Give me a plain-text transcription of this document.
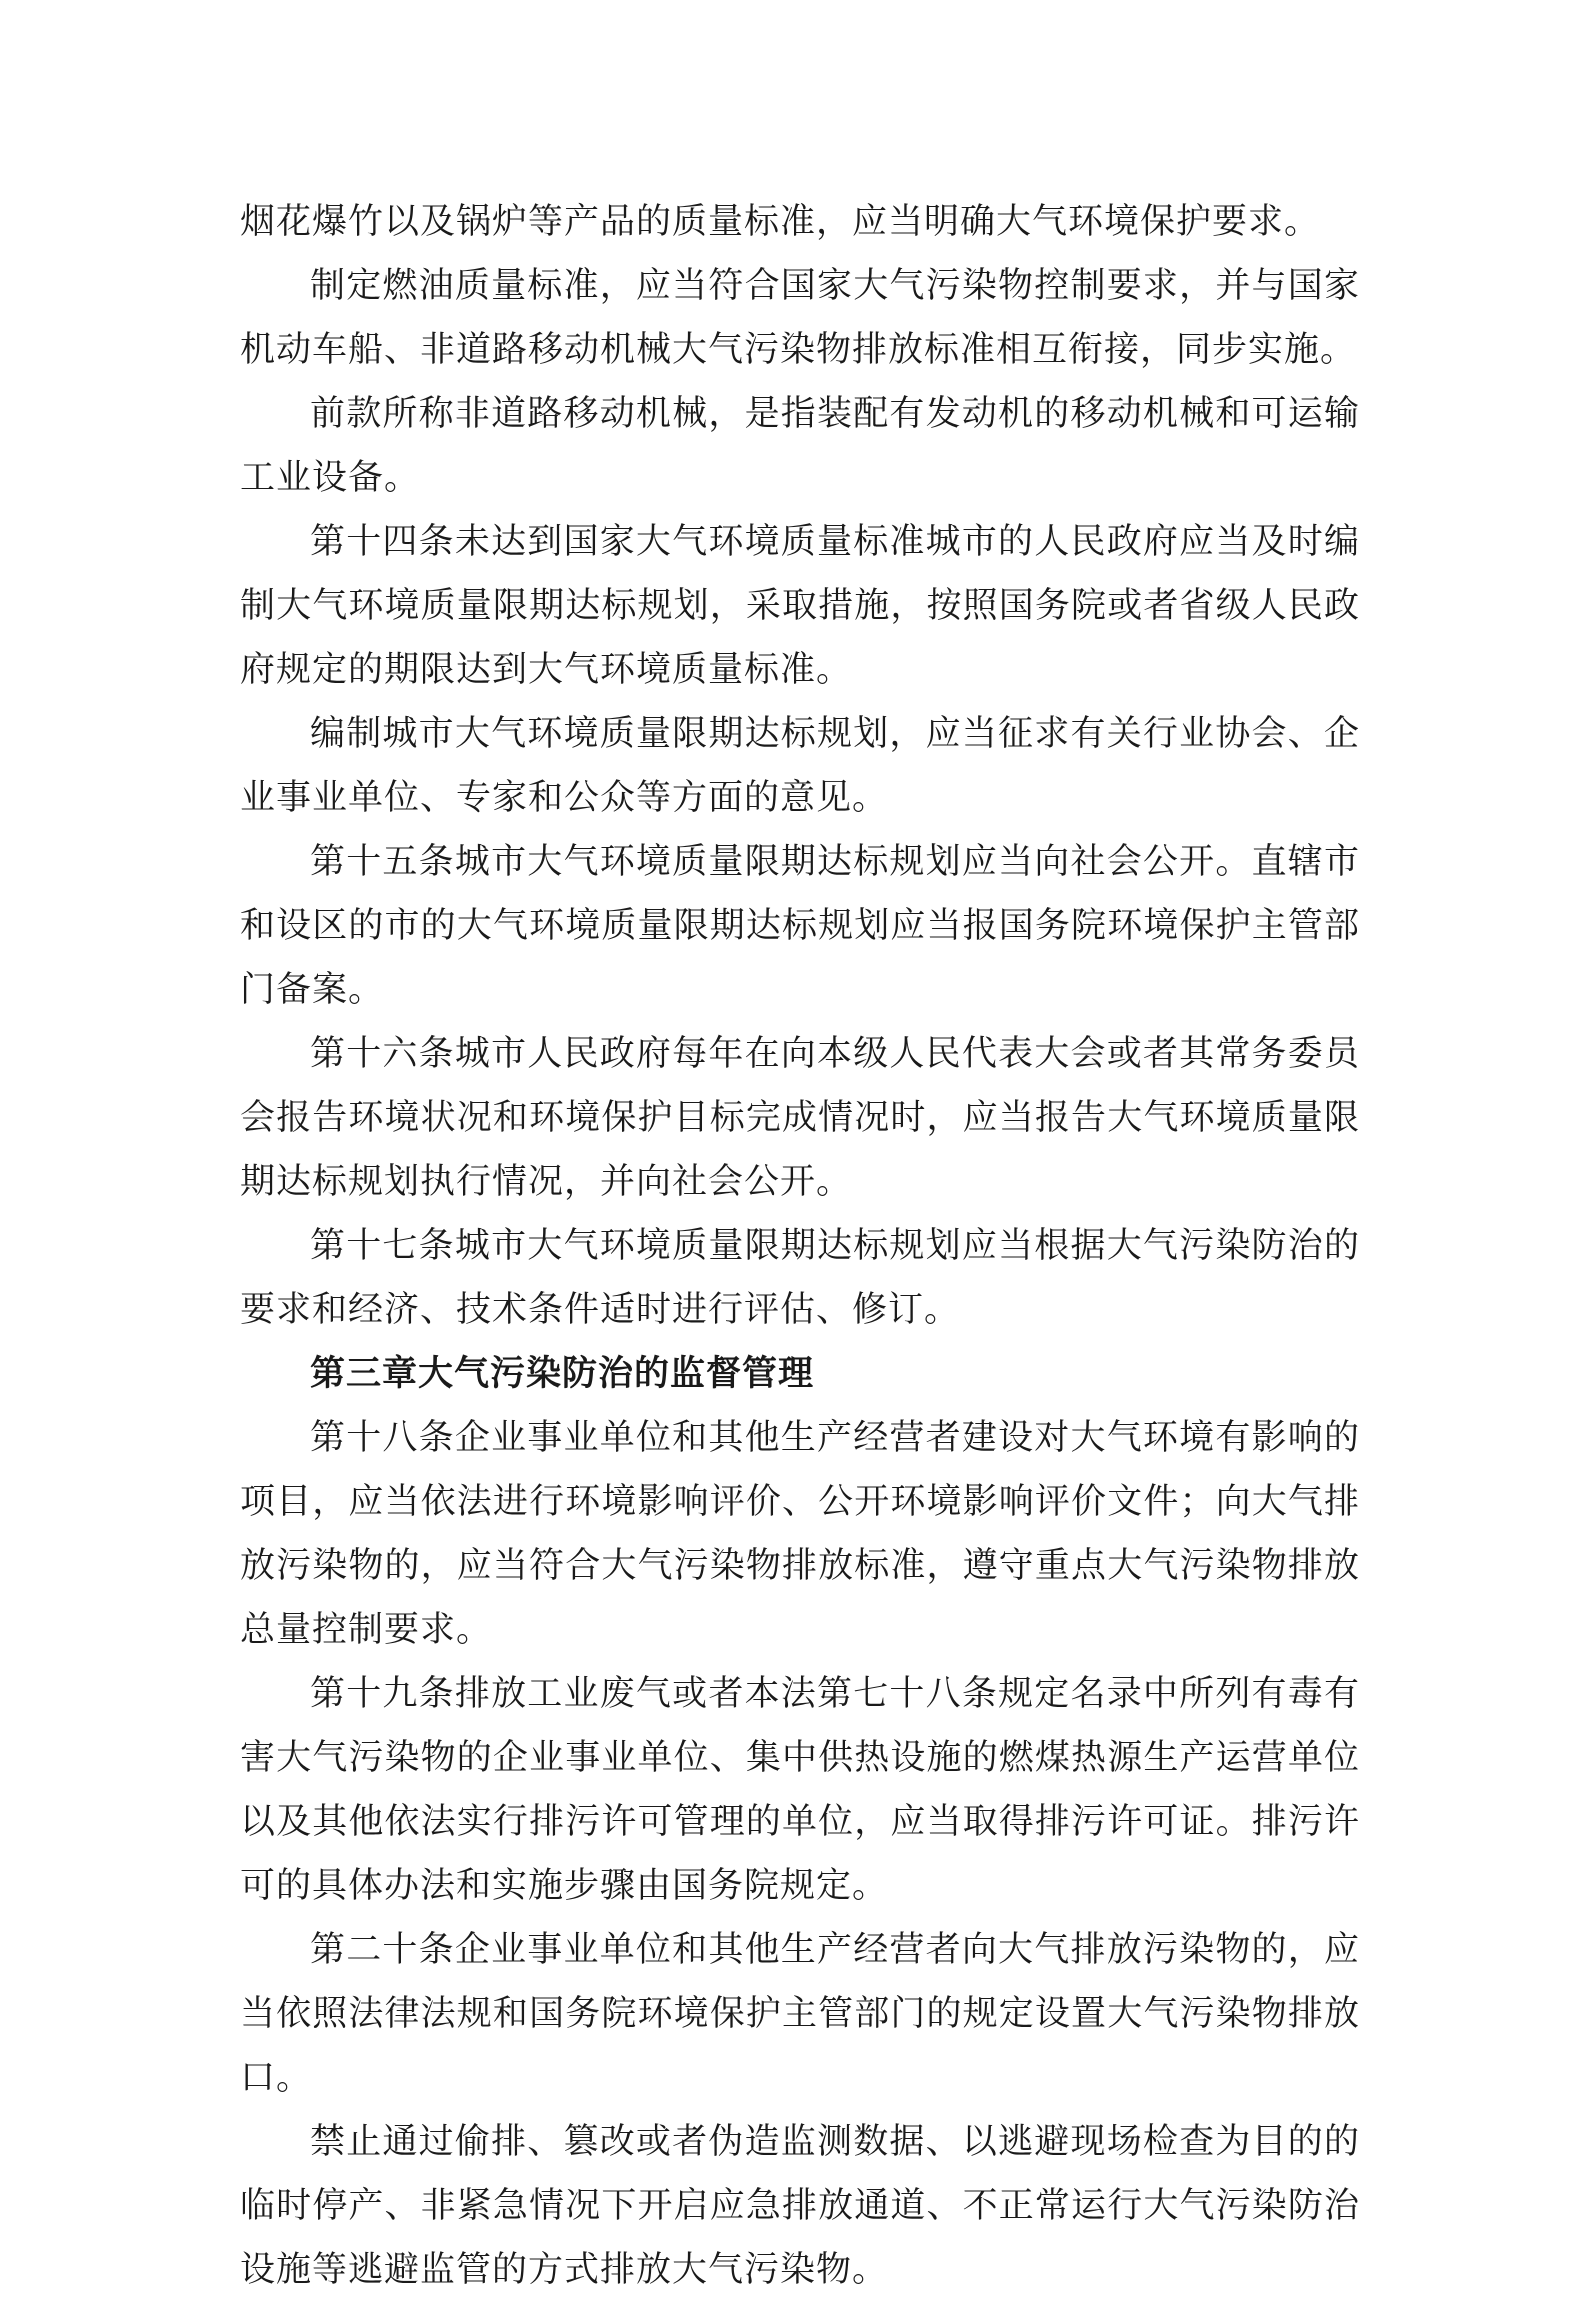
烟花爆竹以及锅炉等产品的质量标准，应当明确大气环境保护要求。

制定燃油质量标准，应当符合国家大气污染物控制要求，并与国家机动车船、非道路移动机械大气污染物排放标准相互衔接，同步实施。

前款所称非道路移动机械，是指装配有发动机的移动机械和可运输工业设备。

第十四条未达到国家大气环境质量标准城市的人民政府应当及时编制大气环境质量限期达标规划，采取措施，按照国务院或者省级人民政府规定的期限达到大气环境质量标准。

编制城市大气环境质量限期达标规划，应当征求有关行业协会、企业事业单位、专家和公众等方面的意见。

第十五条城市大气环境质量限期达标规划应当向社会公开。直辖市和设区的市的大气环境质量限期达标规划应当报国务院环境保护主管部门备案。

第十六条城市人民政府每年在向本级人民代表大会或者其常务委员会报告环境状况和环境保护目标完成情况时，应当报告大气环境质量限期达标规划执行情况，并向社会公开。

第十七条城市大气环境质量限期达标规划应当根据大气污染防治的要求和经济、技术条件适时进行评估、修订。

第三章大气污染防治的监督管理

第十八条企业事业单位和其他生产经营者建设对大气环境有影响的项目，应当依法进行环境影响评价、公开环境影响评价文件；向大气排放污染物的，应当符合大气污染物排放标准，遵守重点大气污染物排放总量控制要求。

第十九条排放工业废气或者本法第七十八条规定名录中所列有毒有害大气污染物的企业事业单位、集中供热设施的燃煤热源生产运营单位以及其他依法实行排污许可管理的单位，应当取得排污许可证。排污许可的具体办法和实施步骤由国务院规定。

第二十条企业事业单位和其他生产经营者向大气排放污染物的，应当依照法律法规和国务院环境保护主管部门的规定设置大气污染物排放口。

禁止通过偷排、篡改或者伪造监测数据、以逃避现场检查为目的的临时停产、非紧急情况下开启应急排放通道、不正常运行大气污染防治设施等逃避监管的方式排放大气污染物。
